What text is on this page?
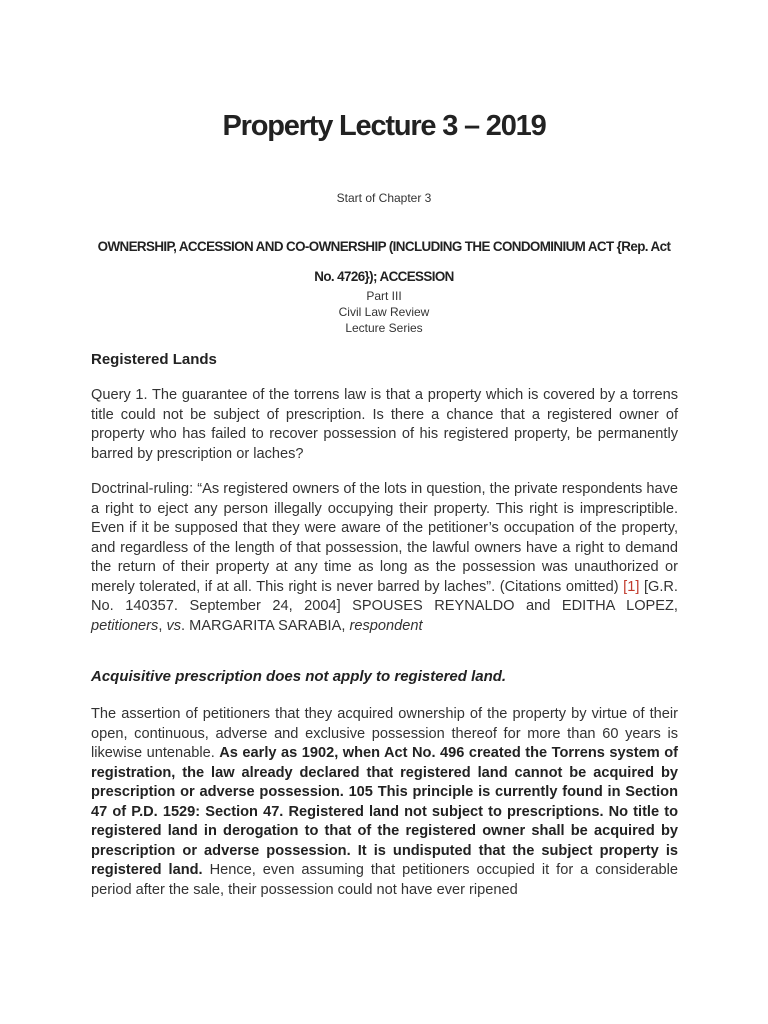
Property Lecture 3 – 2019

Start of Chapter 3

OWNERSHIP, ACCESSION AND CO-OWNERSHIP (INCLUDING THE CONDOMINIUM ACT {Rep. Act No. 4726}); ACCESSION

Part III
Civil Law Review
Lecture Series
Registered Lands

Query 1. The guarantee of the torrens law is that a property which is covered by a torrens title could not be subject of prescription. Is there a chance that a registered owner of property who has failed to recover possession of his registered property, be permanently barred by prescription or laches?

Doctrinal-ruling: “As registered owners of the lots in question, the private respondents have a right to eject any person illegally occupying their property. This right is imprescriptible. Even if it be supposed that they were aware of the petitioner’s occupation of the property, and regardless of the length of that possession, the lawful owners have a right to demand the return of their property at any time as long as the possession was unauthorized or merely tolerated, if at all. This right is never barred by laches”. (Citations omitted) [1] [G.R. No. 140357. September 24, 2004] SPOUSES REYNALDO and EDITHA LOPEZ, petitioners, vs. MARGARITA SARABIA, respondent

Acquisitive prescription does not apply to registered land.

The assertion of petitioners that they acquired ownership of the property by virtue of their open, continuous, adverse and exclusive possession thereof for more than 60 years is likewise untenable. As early as 1902, when Act No. 496 created the Torrens system of registration, the law already declared that registered land cannot be acquired by prescription or adverse possession. 105 This principle is currently found in Section 47 of P.D. 1529: Section 47. Registered land not subject to prescriptions. No title to registered land in derogation to that of the registered owner shall be acquired by prescription or adverse possession. It is undisputed that the subject property is registered land. Hence, even assuming that petitioners occupied it for a considerable period after the sale, their possession could not have ever ripened
